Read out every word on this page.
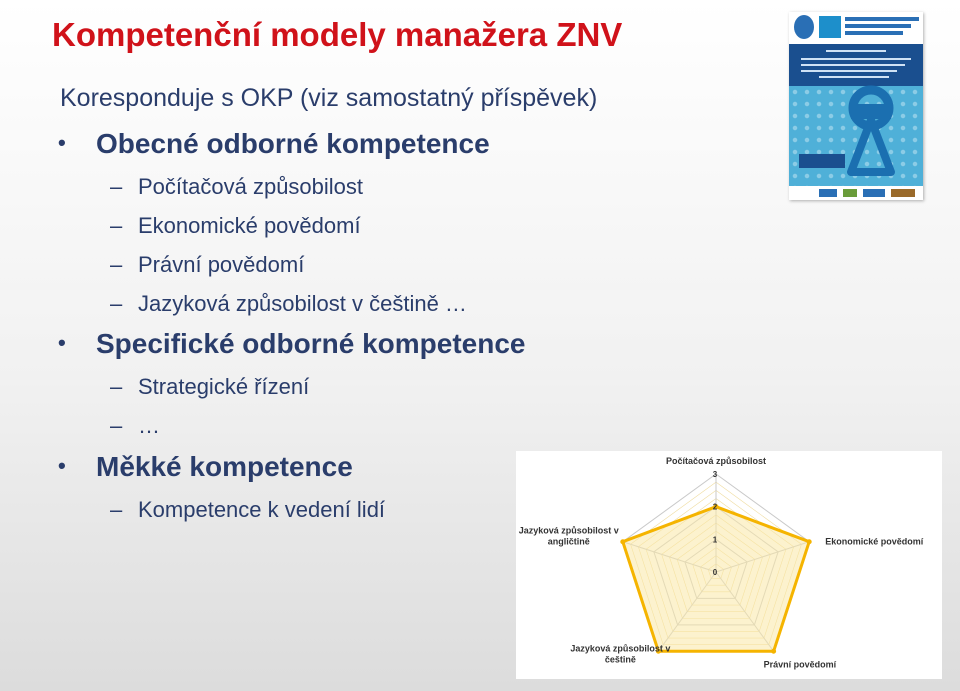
Kompetenční modely manažera ZNV
Koresponduje s OKP (viz samostatný příspěvek)
• Obecné odborné kompetence
– Počítačová způsobilost
– Ekonomické povědomí
– Právní povědomí
– Jazyková způsobilost v češtině …
• Specifické odborné kompetence
– Strategické řízení
– …
• Měkké kompetence
– Kompetence k vedení lidí
0
1
2
3
Počítačová způsobilost
Ekonomické povědomí
Právní povědomí
Jazyková způsobilost v češtině
Jazyková způsobilost v angličtině
